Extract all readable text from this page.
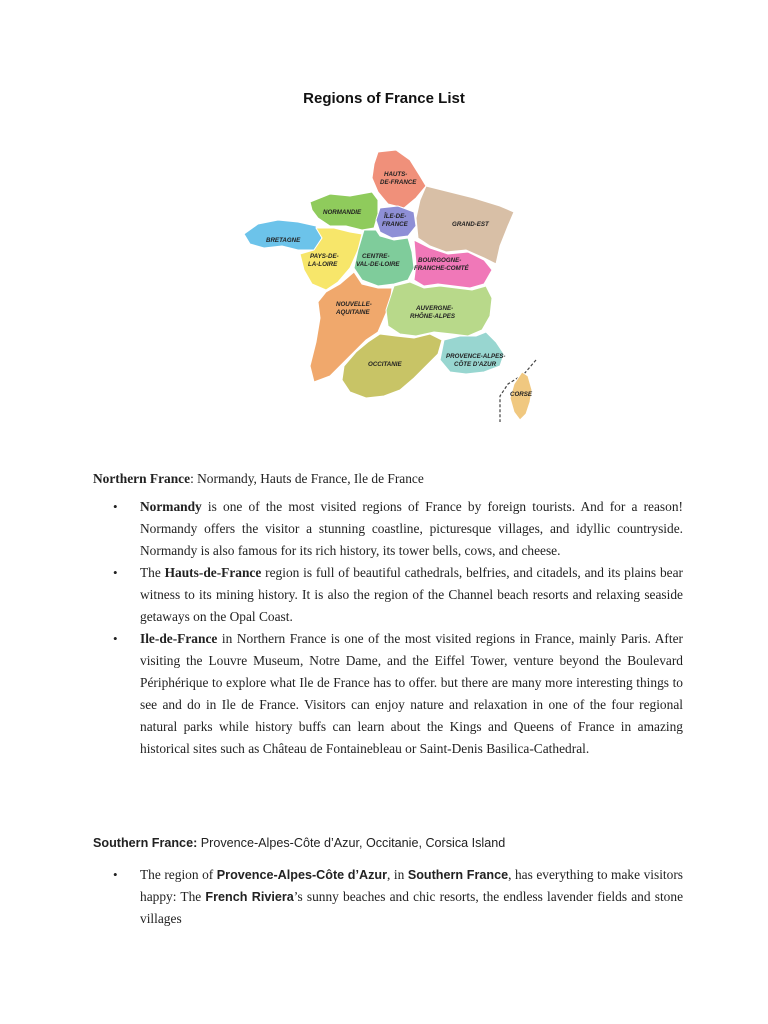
Regions of France List
HAUTS-
DE-FRANCE
NORMANDIE
ÎLE-DE-
FRANCE	GRAND-EST
BRETAGNE
PAYS-DE-
LA-LOIRE
CENTRE-
VAL-DE-LOIRE
BOURGOGNE-
FRANCHE-COMTÉ
NOUVELLE-
AQUITAINE
AUVERGNE-
RHÔNE-ALPES
OCCITANIE
PROVENCE-ALPES-
CÔTE D'AZUR
CORSE

Northern France: Normandy, Hauts de France, Ile de France

• Normandy is one of the most visited regions of France by foreign tourists. And for a reason! Normandy offers the visitor a stunning coastline, picturesque villages, and idyllic countryside. Normandy is also famous for its rich history, its tower bells, cows, and cheese.
• The Hauts-de-France region is full of beautiful cathedrals, belfries, and citadels, and its plains bear witness to its mining history. It is also the region of the Channel beach resorts and relaxing seaside getaways on the Opal Coast.
• Ile-de-France in Northern France is one of the most visited regions in France, mainly Paris. After visiting the Louvre Museum, Notre Dame, and the Eiffel Tower, venture beyond the Boulevard Périphérique to explore what Ile de France has to offer. but there are many more interesting things to see and do in Ile de France. Visitors can enjoy nature and relaxation in one of the four regional natural parks while history buffs can learn about the Kings and Queens of France in amazing historical sites such as Château de Fontainebleau or Saint-Denis Basilica-Cathedral.

Southern France: Provence-Alpes-Côte d’Azur, Occitanie, Corsica Island

• The region of Provence-Alpes-Côte d’Azur, in Southern France, has everything to make visitors happy: The French Riviera’s sunny beaches and chic resorts, the endless lavender fields and stone villages
